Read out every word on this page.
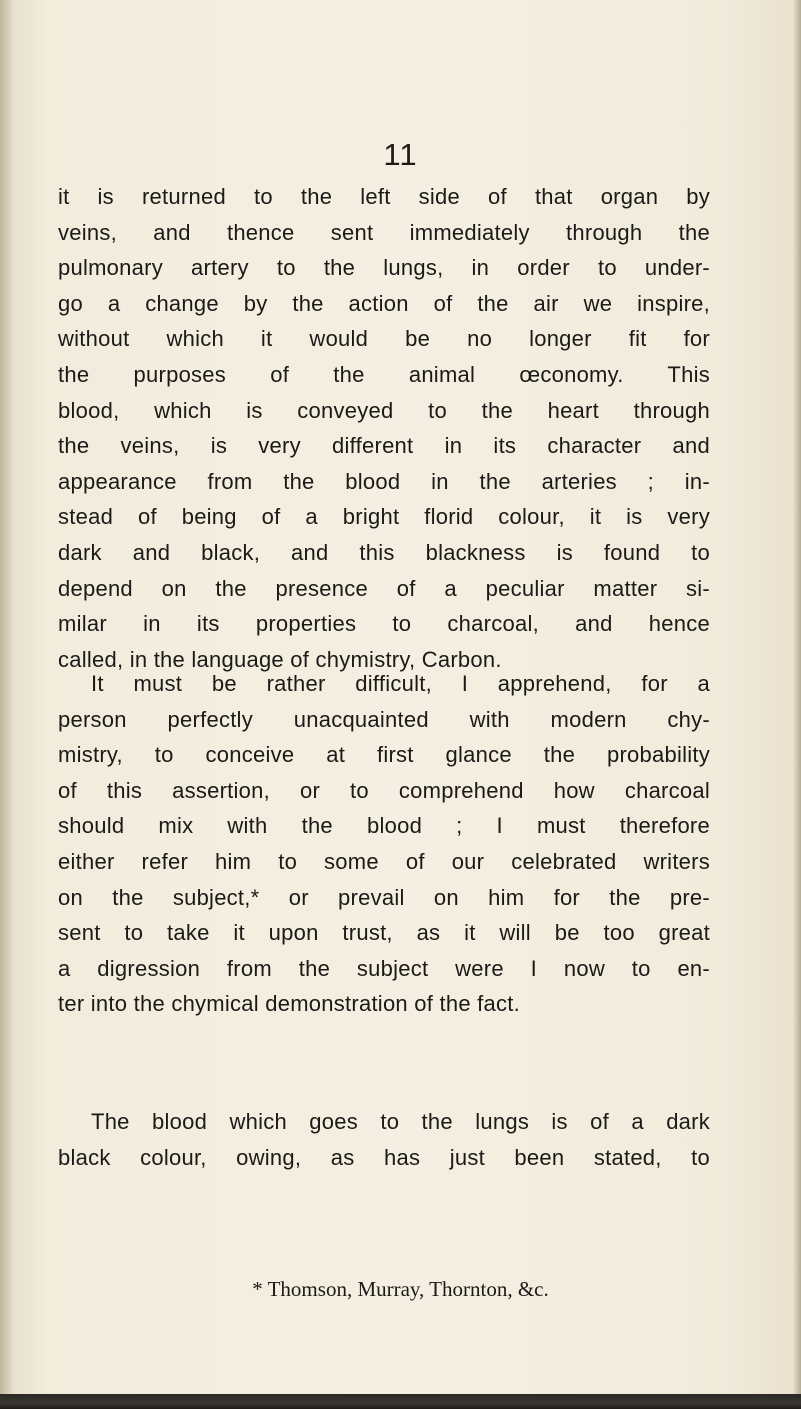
11
it is returned to the left side of that organ by
veins, and thence sent immediately through the
pulmonary artery to the lungs, in order to under-
go a change by the action of the air we inspire,
without which it would be no longer fit for
the purposes of the animal œconomy. This
blood, which is conveyed to the heart through
the veins, is very different in its character and
appearance from the blood in the arteries ; in-
stead of being of a bright florid colour, it is very
dark and black, and this blackness is found to
depend on the presence of a peculiar matter si-
milar in its properties to charcoal, and hence
called, in the language of chymistry, Carbon.
It must be rather difficult, I apprehend, for a
person perfectly unacquainted with modern chy-
mistry, to conceive at first glance the probability
of this assertion, or to comprehend how charcoal
should mix with the blood ; I must therefore
either refer him to some of our celebrated writers
on the subject,* or prevail on him for the pre-
sent to take it upon trust, as it will be too great
a digression from the subject were I now to en-
ter into the chymical demonstration of the fact.
The blood which goes to the lungs is of a dark
black colour, owing, as has just been stated, to
* Thomson, Murray, Thornton, &c.
